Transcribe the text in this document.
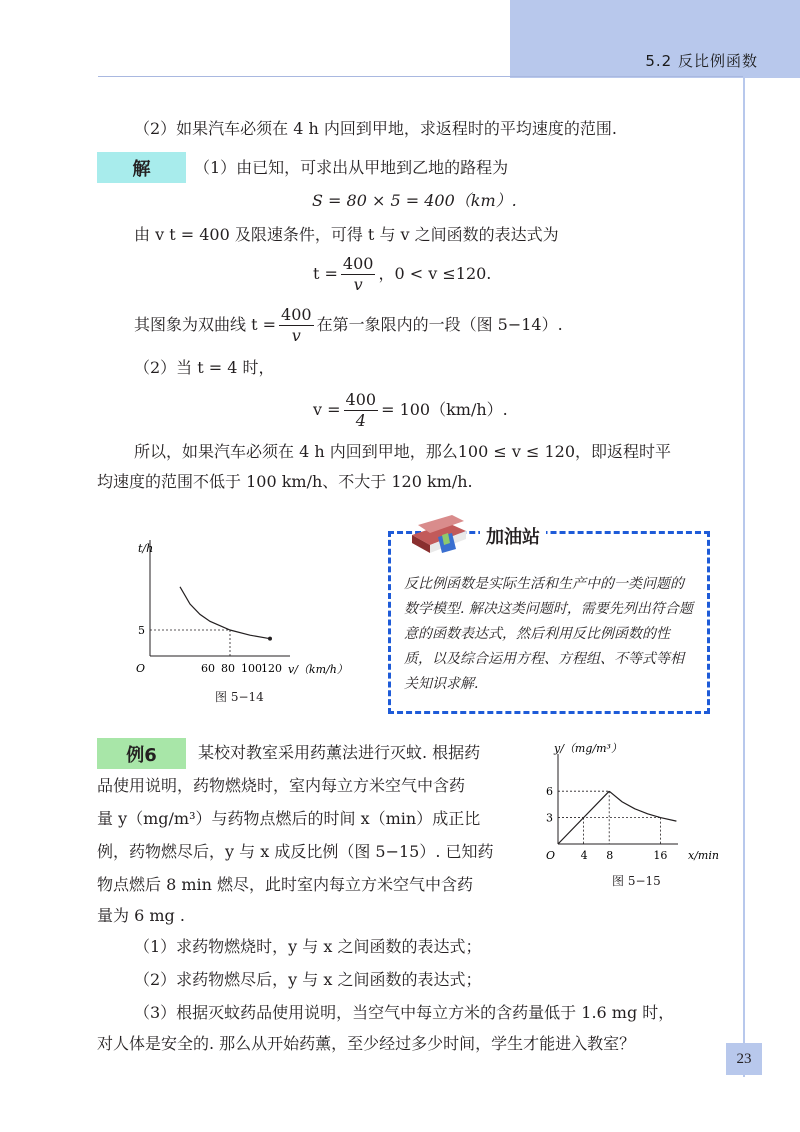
5.2 反比例函数
（2）如果汽车必须在 4 h 内回到甲地，求返程时的平均速度的范围.
解	（1）由已知，可求出从甲地到乙地的路程为
S = 80 × 5 = 400（km）.
由 v t = 400 及限速条件，可得 t 与 v 之间函数的表达式为
$t = \frac{400}{v}$ ，0 < v ≤120.
其图象为双曲线 $t = \frac{400}{v}$ 在第一象限内的一段（图 5−14）.
（2）当 t = 4 时，
$v = \frac{400}{4} = 100(km/h)$.
所以，如果汽车必须在 4 h 内回到甲地，那么100 ≤ v ≤ 120，即返程时平
均速度的范围不低于 100 km/h、不大于 120 km/h.
t/h
v/（km/h）
O	60 80 100 120
5
图 5−14
加油站
反比例函数是实际生活和生产中的一类问题的数学模型. 解决这类问题时，需要先列出符合题意的函数表达式，然后利用反比例函数的性质，以及综合运用方程、方程组、不等式等相关知识求解.
例6	某校对教室采用药薰法进行灭蚊. 根据药
品使用说明，药物燃烧时，室内每立方米空气中含药
量 y（mg/m³）与药物点燃后的时间 x（min）成正比
例，药物燃尽后，y 与 x 成反比例（图 5−15）. 已知药
物点燃后 8 min 燃尽，此时室内每立方米空气中含药
量为 6 mg .
y/（mg/m³）
x/min
O 4 8	16
3
6
图 5−15
（1）求药物燃烧时，y 与 x 之间函数的表达式；
（2）求药物燃尽后，y 与 x 之间函数的表达式；
（3）根据灭蚊药品使用说明，当空气中每立方米的含药量低于 1.6 mg 时，
对人体是安全的. 那么从开始药薰，至少经过多少时间，学生才能进入教室？
23
